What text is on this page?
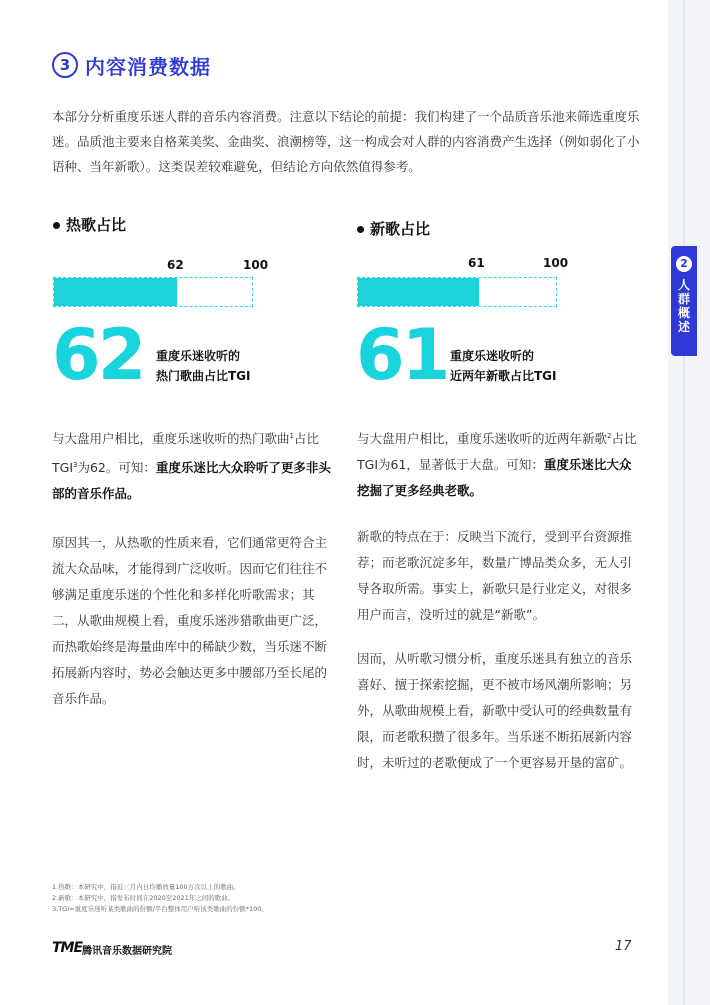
2
人群概述
3 内容消费数据
本部分分析重度乐迷人群的音乐内容消费。注意以下结论的前提：我们构建了一个品质音乐池来筛选重度乐迷。品质池主要来自格莱美奖、金曲奖、浪潮榜等，这一构成会对人群的内容消费产生选择（例如弱化了小语种、当年新歌）。这类误差较难避免，但结论方向依然值得参考。
热歌占比
62	100
62 重度乐迷收听的
热门歌曲占比TGI
与大盘用户相比，重度乐迷收听的热门歌曲$^1$占比TGI$^3$为62。可知：重度乐迷比大众聆听了更多非头部的音乐作品。
原因其一，从热歌的性质来看，它们通常更符合主流大众品味，才能得到广泛收听。因而它们往往不够满足重度乐迷的个性化和多样化听歌需求；其二，从歌曲规模上看，重度乐迷涉猎歌曲更广泛，而热歌始终是海量曲库中的稀缺少数，当乐迷不断拓展新内容时，势必会触达更多中腰部乃至长尾的音乐作品。
新歌占比
61	100
61 重度乐迷收听的
近两年新歌占比TGI
与大盘用户相比，重度乐迷收听的近两年新歌$^2$占比TGI为61，显著低于大盘。可知：重度乐迷比大众挖掘了更多经典老歌。
新歌的特点在于：反映当下流行，受到平台资源推荐；而老歌沉淀多年，数量广博品类众多，无人引导各取所需。事实上，新歌只是行业定义，对很多用户而言，没听过的就是“新歌”。
因而，从听歌习惯分析，重度乐迷具有独立的音乐喜好、擅于探索挖掘，更不被市场风潮所影响；另外，从歌曲规模上看，新歌中受认可的经典数量有限，而老歌积攒了很多年。当乐迷不断拓展新内容时，未听过的老歌便成了一个更容易开垦的富矿。
1.热歌：本研究中，指近三月内日均播放量100万次以上的歌曲。
2.新歌：本研究中，指发布时间在2020至2021年之间的歌曲。
3.TGI=重度乐迷听某类歌曲的份额/平台整体用户听该类歌曲的份额*100。
TME 腾讯音乐数据研究院	17
